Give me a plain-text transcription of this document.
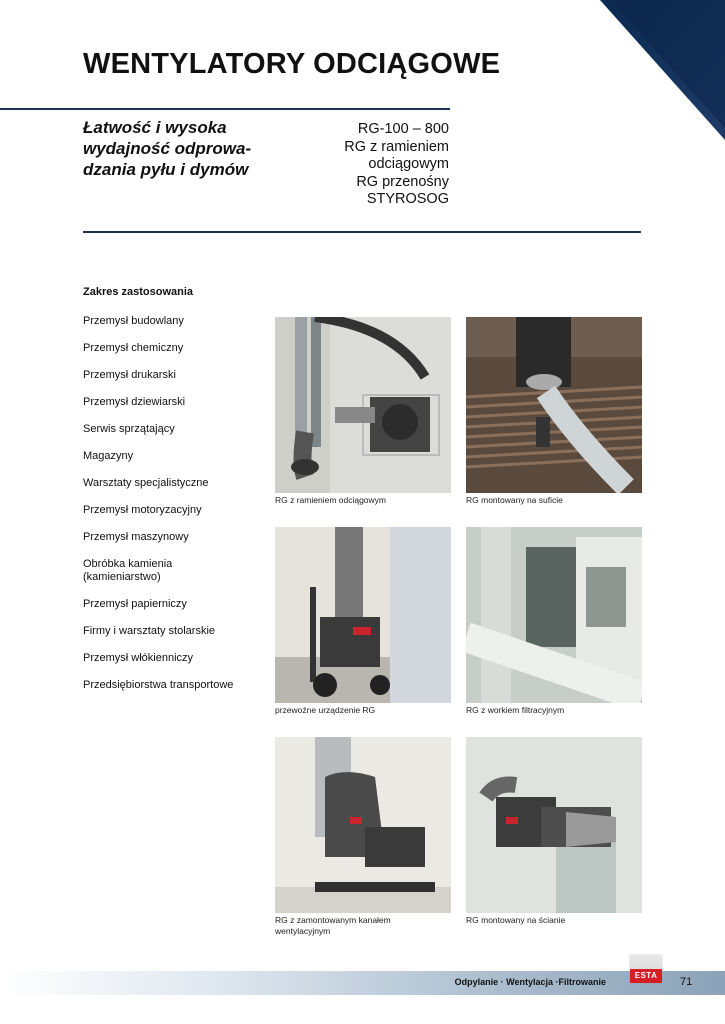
WENTYLATORY ODCIĄGOWE
Łatwość i wysoka
wydajność odprowa-
dzania pyłu i dymów
RG-100 – 800
RG z ramieniem
odciągowym
RG przenośny
STYROSOG
Zakres zastosowania
Przemysł budowlany
Przemysł chemiczny
Przemysł drukarski
Przemysł dziewiarski
Serwis sprzątający
Magazyny
Warsztaty specjalistyczne
Przemysł motoryzacyjny
Przemysł maszynowy
Obróbka kamienia (kamieniarstwo)
Przemysł papierniczy
Firmy i warsztaty stolarskie
Przemysł włókienniczy
Przedsiębiorstwa transportowe
RG z ramieniem odciągowym	RG montowany na suficie
przewoźne urządzenie RG	RG z workiem filtracyjnym
RG z zamontowanym kanałem wentylacyjnym
RG montowany na ścianie
Odpylanie · Wentylacja ·Filtrowanie
ESTA
71
